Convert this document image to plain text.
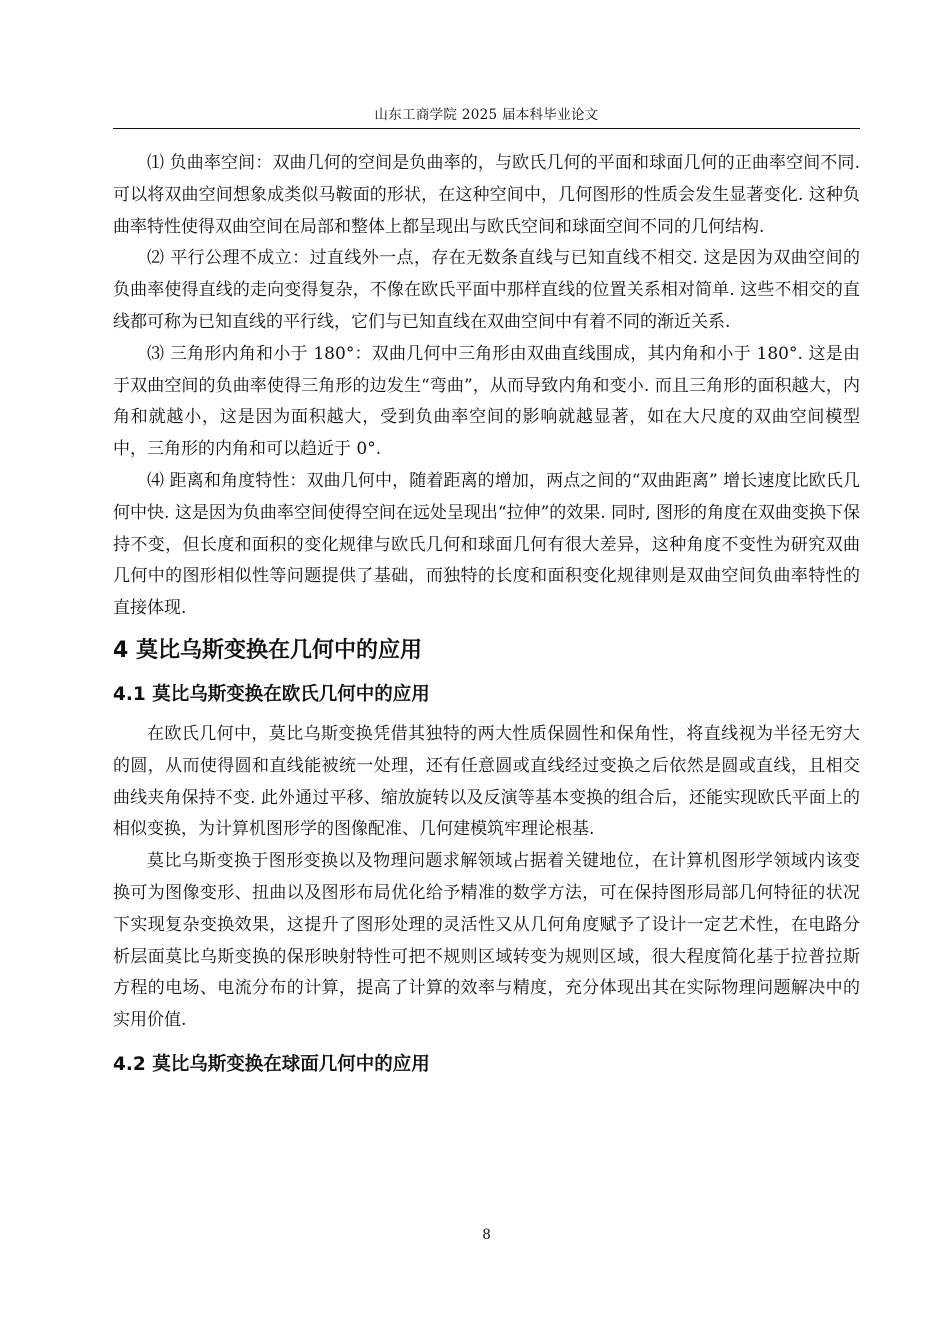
山东工商学院 2025 届本科毕业论文

⑴ 负曲率空间：双曲几何的空间是负曲率的，与欧氏几何的平面和球面几何的正曲率空间不同. 可以将双曲空间想象成类似马鞍面的形状，在这种空间中，几何图形的性质会发生显著变化. 这种负曲率特性使得双曲空间在局部和整体上都呈现出与欧氏空间和球面空间不同的几何结构.

⑵ 平行公理不成立：过直线外一点，存在无数条直线与已知直线不相交. 这是因为双曲空间的负曲率使得直线的走向变得复杂，不像在欧氏平面中那样直线的位置关系相对简单. 这些不相交的直线都可称为已知直线的平行线，它们与已知直线在双曲空间中有着不同的渐近关系.

⑶ 三角形内角和小于 180°：双曲几何中三角形由双曲直线围成，其内角和小于 180°. 这是由于双曲空间的负曲率使得三角形的边发生“弯曲”，从而导致内角和变小. 而且三角形的面积越大，内角和就越小，这是因为面积越大，受到负曲率空间的影响就越显著，如在大尺度的双曲空间模型中，三角形的内角和可以趋近于 0°.

⑷ 距离和角度特性：双曲几何中，随着距离的增加，两点之间的“双曲距离” 增长速度比欧氏几何中快. 这是因为负曲率空间使得空间在远处呈现出“拉伸”的效果. 同时, 图形的角度在双曲变换下保持不变，但长度和面积的变化规律与欧氏几何和球面几何有很大差异，这种角度不变性为研究双曲几何中的图形相似性等问题提供了基础，而独特的长度和面积变化规律则是双曲空间负曲率特性的直接体现.

4 莫比乌斯变换在几何中的应用
4.1 莫比乌斯变换在欧氏几何中的应用

在欧氏几何中，莫比乌斯变换凭借其独特的两大性质保圆性和保角性，将直线视为半径无穷大的圆，从而使得圆和直线能被统一处理，还有任意圆或直线经过变换之后依然是圆或直线，且相交曲线夹角保持不变. 此外通过平移、缩放旋转以及反演等基本变换的组合后，还能实现欧氏平面上的相似变换，为计算机图形学的图像配准、几何建模筑牢理论根基.

莫比乌斯变换于图形变换以及物理问题求解领域占据着关键地位，在计算机图形学领域内该变换可为图像变形、扭曲以及图形布局优化给予精准的数学方法，可在保持图形局部几何特征的状况下实现复杂变换效果，这提升了图形处理的灵活性又从几何角度赋予了设计一定艺术性，在电路分析层面莫比乌斯变换的保形映射特性可把不规则区域转变为规则区域，很大程度简化基于拉普拉斯方程的电场、电流分布的计算，提高了计算的效率与精度，充分体现出其在实际物理问题解决中的实用价值.

4.2 莫比乌斯变换在球面几何中的应用
8
